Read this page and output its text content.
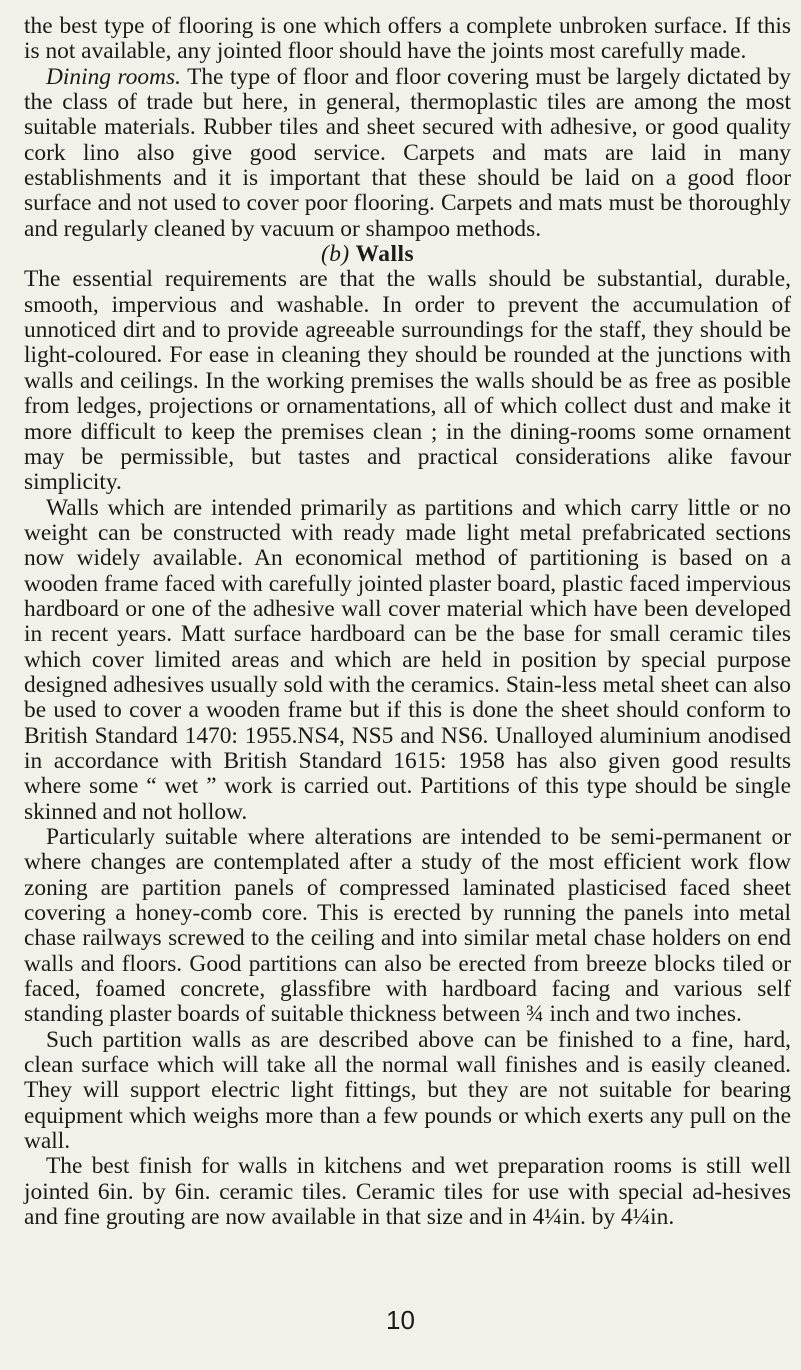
the best type of flooring is one which offers a complete unbroken surface. If this is not available, any jointed floor should have the joints most carefully made.

Dining rooms. The type of floor and floor covering must be largely dictated by the class of trade but here, in general, thermoplastic tiles are among the most suitable materials. Rubber tiles and sheet secured with adhesive, or good quality cork lino also give good service. Carpets and mats are laid in many establishments and it is important that these should be laid on a good floor surface and not used to cover poor flooring. Carpets and mats must be thoroughly and regularly cleaned by vacuum or shampoo methods.

(b) Walls

The essential requirements are that the walls should be substantial, durable, smooth, impervious and washable. In order to prevent the accumulation of unnoticed dirt and to provide agreeable surroundings for the staff, they should be light-coloured. For ease in cleaning they should be rounded at the junctions with walls and ceilings. In the working premises the walls should be as free as posible from ledges, projections or ornamentations, all of which collect dust and make it more difficult to keep the premises clean ; in the dining-rooms some ornament may be permissible, but tastes and practical considerations alike favour simplicity.

Walls which are intended primarily as partitions and which carry little or no weight can be constructed with ready made light metal prefabricated sections now widely available. An economical method of partitioning is based on a wooden frame faced with carefully jointed plaster board, plastic faced impervious hardboard or one of the adhesive wall cover material which have been developed in recent years. Matt surface hardboard can be the base for small ceramic tiles which cover limited areas and which are held in position by special purpose designed adhesives usually sold with the ceramics. Stain-less metal sheet can also be used to cover a wooden frame but if this is done the sheet should conform to British Standard 1470: 1955.NS4, NS5 and NS6. Unalloyed aluminium anodised in accordance with British Standard 1615: 1958 has also given good results where some “ wet ” work is carried out. Partitions of this type should be single skinned and not hollow.

Particularly suitable where alterations are intended to be semi-permanent or where changes are contemplated after a study of the most efficient work flow zoning are partition panels of compressed laminated plasticised faced sheet covering a honey-comb core. This is erected by running the panels into metal chase railways screwed to the ceiling and into similar metal chase holders on end walls and floors. Good partitions can also be erected from breeze blocks tiled or faced, foamed concrete, glassfibre with hardboard facing and various self standing plaster boards of suitable thickness between ¾ inch and two inches.

Such partition walls as are described above can be finished to a fine, hard, clean surface which will take all the normal wall finishes and is easily cleaned. They will support electric light fittings, but they are not suitable for bearing equipment which weighs more than a few pounds or which exerts any pull on the wall.

The best finish for walls in kitchens and wet preparation rooms is still well jointed 6in. by 6in. ceramic tiles. Ceramic tiles for use with special ad-hesives and fine grouting are now available in that size and in 4¼in. by 4¼in.

10
